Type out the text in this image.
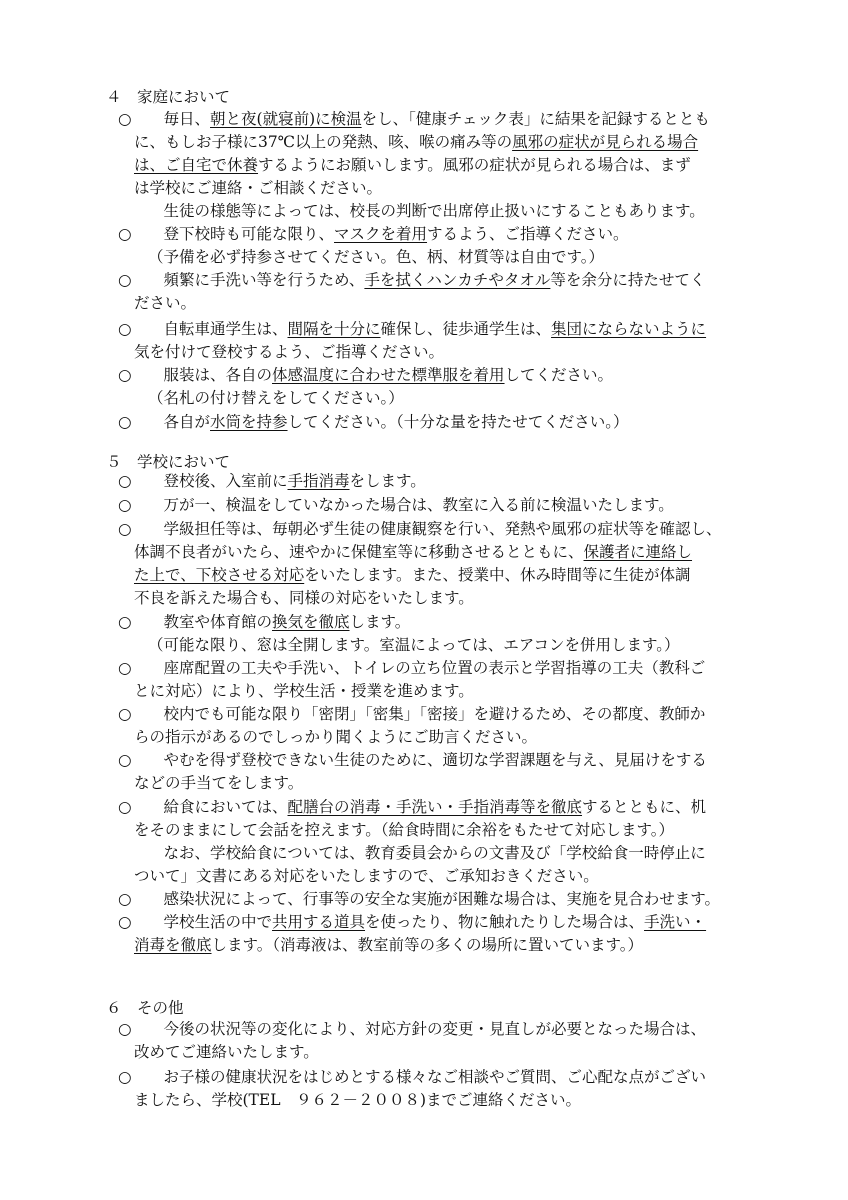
４　家庭において
○ 　毎日、朝と夜(就寝前)に検温をし、「健康チェック表」に結果を記録するととも
に、もしお子様に37℃以上の発熱、咳、喉の痛み等の風邪の症状が見られる場合
は、ご自宅で休養するようにお願いします。風邪の症状が見られる場合は、まず
は学校にご連絡・ご相談ください。
　生徒の様態等によっては、校長の判断で出席停止扱いにすることもあります。
○ 　登下校時も可能な限り、マスクを着用するよう、ご指導ください。
（予備を必ず持参させてください。色、柄、材質等は自由です。）
○ 　頻繁に手洗い等を行うため、手を拭くハンカチやタオル等を余分に持たせてく
ださい。
○ 　自転車通学生は、間隔を十分に確保し、徒歩通学生は、集団にならないように
気を付けて登校するよう、ご指導ください。
○ 　服装は、各自の体感温度に合わせた標準服を着用してください。
（名札の付け替えをしてください。）
○ 　各自が水筒を持参してください。（十分な量を持たせてください。）
５　学校において
○ 　登校後、入室前に手指消毒をします。
○ 　万が一、検温をしていなかった場合は、教室に入る前に検温いたします。
○ 　学級担任等は、毎朝必ず生徒の健康観察を行い、発熱や風邪の症状等を確認し、
体調不良者がいたら、速やかに保健室等に移動させるとともに、保護者に連絡し
た上で、下校させる対応をいたします。また、授業中、休み時間等に生徒が体調
不良を訴えた場合も、同様の対応をいたします。
○ 　教室や体育館の換気を徹底します。
（可能な限り、窓は全開します。室温によっては、エアコンを併用します。）
○ 　座席配置の工夫や手洗い、トイレの立ち位置の表示と学習指導の工夫（教科ご
とに対応）により、学校生活・授業を進めます。
○ 　校内でも可能な限り「密閉」「密集」「密接」を避けるため、その都度、教師か
らの指示があるのでしっかり聞くようにご助言ください。
○ 　やむを得ず登校できない生徒のために、適切な学習課題を与え、見届けをする
などの手当てをします。
○ 　給食においては、配膳台の消毒・手洗い・手指消毒等を徹底するとともに、机
をそのままにして会話を控えます。（給食時間に余裕をもたせて対応します。）
　なお、学校給食については、教育委員会からの文書及び「学校給食一時停止に
ついて」文書にある対応をいたしますので、ご承知おきください。
○ 　感染状況によって、行事等の安全な実施が困難な場合は、実施を見合わせます。
○ 　学校生活の中で共用する道具を使ったり、物に触れたりした場合は、手洗い・
消毒を徹底します。（消毒液は、教室前等の多くの場所に置いています。）
６　その他
○ 　今後の状況等の変化により、対応方針の変更・見直しが必要となった場合は、
改めてご連絡いたします。
○ 　お子様の健康状況をはじめとする様々なご相談やご質問、ご心配な点がござい
ましたら、学校(TEL　９６２－２００８)までご連絡ください。
